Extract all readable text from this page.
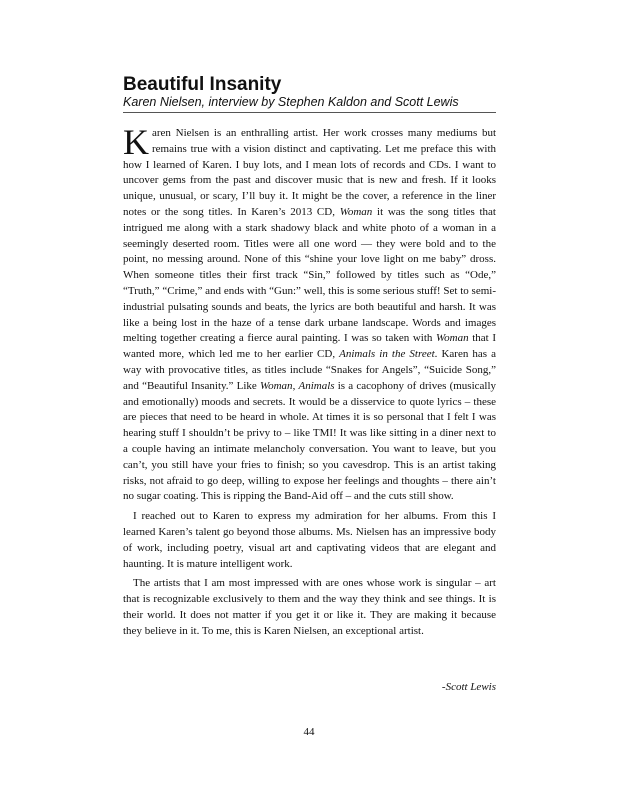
Beautiful Insanity
Karen Nielsen, interview by Stephen Kaldon and Scott Lewis

Karen Nielsen is an enthralling artist. Her work crosses many mediums but remains true with a vision distinct and captivating. Let me preface this with how I learned of Karen. I buy lots, and I mean lots of records and CDs. I want to uncover gems from the past and discover music that is new and fresh. If it looks unique, unusual, or scary, I’ll buy it. It might be the cover, a reference in the liner notes or the song titles. In Karen’s 2013 CD, Woman it was the song titles that intrigued me along with a stark shadowy black and white photo of a woman in a seemingly deserted room. Titles were all one word — they were bold and to the point, no messing around. None of this “shine your love light on me baby” dross. When someone titles their first track “Sin,” followed by titles such as “Ode,” “Truth,” “Crime,” and ends with “Gun:” well, this is some serious stuff! Set to semi-industrial pulsating sounds and beats, the lyrics are both beautiful and harsh. It was like a being lost in the haze of a tense dark urbane landscape. Words and images melting together creating a fierce aural painting. I was so taken with Woman that I wanted more, which led me to her earlier CD, Animals in the Street. Karen has a way with provocative titles, as titles include “Snakes for Angels”, “Suicide Song,” and “Beautiful Insanity.” Like Woman, Animals is a cacophony of drives (musically and emotionally) moods and secrets. It would be a disservice to quote lyrics – these are pieces that need to be heard in whole. At times it is so personal that I felt I was hearing stuff I shouldn’t be privy to – like TMI! It was like sitting in a diner next to a couple having an intimate melancholy conversation. You want to leave, but you can’t, you still have your fries to finish; so you cavesdrop. This is an artist taking risks, not afraid to go deep, willing to expose her feelings and thoughts – there ain’t no sugar coating. This is ripping the Band-Aid off – and the cuts still show.

I reached out to Karen to express my admiration for her albums. From this I learned Karen’s talent go beyond those albums. Ms. Nielsen has an impressive body of work, including poetry, visual art and captivating videos that are elegant and haunting. It is mature intelligent work.

The artists that I am most impressed with are ones whose work is singular – art that is recognizable exclusively to them and the way they think and see things. It is their world. It does not matter if you get it or like it. They are making it because they believe in it. To me, this is Karen Nielsen, an exceptional artist.

-Scott Lewis
44
